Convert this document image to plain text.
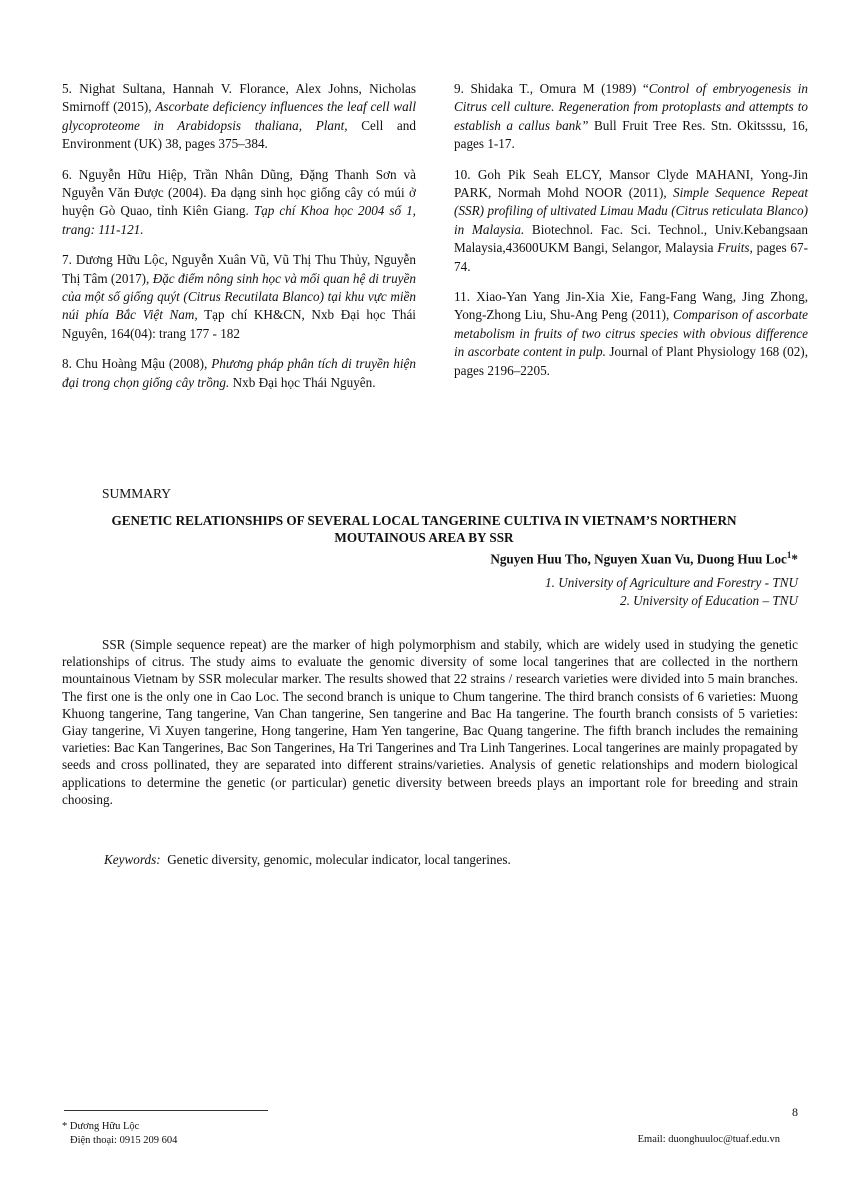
5. Nighat Sultana, Hannah V. Florance, Alex Johns, Nicholas Smirnoff (2015), Ascorbate deficiency influences the leaf cell wall glycoproteome in Arabidopsis thaliana, Plant, Cell and Environment (UK) 38, pages 375–384.

6. Nguyễn Hữu Hiệp, Trần Nhân Dũng, Đặng Thanh Sơn và Nguyễn Văn Được (2004). Đa dạng sinh học giống cây có múi ở huyện Gò Quao, tỉnh Kiên Giang. Tạp chí Khoa học 2004 số 1, trang: 111-121.

7. Dương Hữu Lộc, Nguyễn Xuân Vũ, Vũ Thị Thu Thủy, Nguyễn Thị Tâm (2017), Đặc điểm nông sinh học và mối quan hệ di truyền của một số giống quýt (Citrus Recutilata Blanco) tại khu vực miền núi phía Bắc Việt Nam, Tạp chí KH&CN, Nxb Đại học Thái Nguyên, 164(04): trang 177 - 182

8. Chu Hoàng Mậu (2008), Phương pháp phân tích di truyền hiện đại trong chọn giống cây trồng. Nxb Đại học Thái Nguyên.

9. Shidaka T., Omura M (1989) “Control of embryogenesis in Citrus cell culture. Regeneration from protoplasts and attempts to establish a callus bank” Bull Fruit Tree Res. Stn. Okitsssu, 16, pages 1-17.

10. Goh Pik Seah ELCY, Mansor Clyde MAHANI, Yong-Jin PARK, Normah Mohd NOOR (2011), Simple Sequence Repeat (SSR) profiling of ultivated Limau Madu (Citrus reticulata Blanco) in Malaysia. Biotechnol. Fac. Sci. Technol., Univ.Kebangsaan Malaysia,43600UKM Bangi, Selangor, Malaysia Fruits, pages 67-74.

11. Xiao-Yan Yang Jin-Xia Xie, Fang-Fang Wang, Jing Zhong, Yong-Zhong Liu, Shu-Ang Peng (2011), Comparison of ascorbate metabolism in fruits of two citrus species with obvious difference in ascorbate content in pulp. Journal of Plant Physiology 168 (02), pages 2196–2205.

SUMMARY
GENETIC RELATIONSHIPS OF SEVERAL LOCAL TANGERINE CULTIVA IN VIETNAM’S NORTHERN MOUTAINOUS AREA BY SSR
Nguyen Huu Tho, Nguyen Xuan Vu, Duong Huu Loc$^1$*
1. University of Agriculture and Forestry - TNU
2. University of Education – TNU

SSR (Simple sequence repeat) are the marker of high polymorphism and stabily, which are widely used in studying the genetic relationships of citrus. The study aims to evaluate the genomic diversity of some local tangerines that are collected in the northern mountainous Vietnam by SSR molecular marker. The results showed that 22 strains / research varieties were divided into 5 main branches. The first one is the only one in Cao Loc. The second branch is unique to Chum tangerine. The third branch consists of 6 varieties: Muong Khuong tangerine, Tang tangerine, Van Chan tangerine, Sen tangerine and Bac Ha tangerine. The fourth branch consists of 5 varieties: Giay tangerine, Vi Xuyen tangerine, Hong tangerine, Ham Yen tangerine, Bac Quang tangerine. The fifth branch includes the remaining varieties: Bac Kan Tangerines, Bac Son Tangerines, Ha Tri Tangerines and Tra Linh Tangerines. Local tangerines are mainly propagated by seeds and cross pollinated, they are separated into different strains/varieties. Analysis of genetic relationships and modern biological applications to determine the genetic (or particular) genetic diversity between breeds plays an important role for breeding and strain choosing.

Keywords: Genetic diversity, genomic, molecular indicator, local tangerines.
8
* Dương Hữu Lộc
Điện thoại: 0915 209 604	Email: duonghuuloc@tuaf.edu.vn
